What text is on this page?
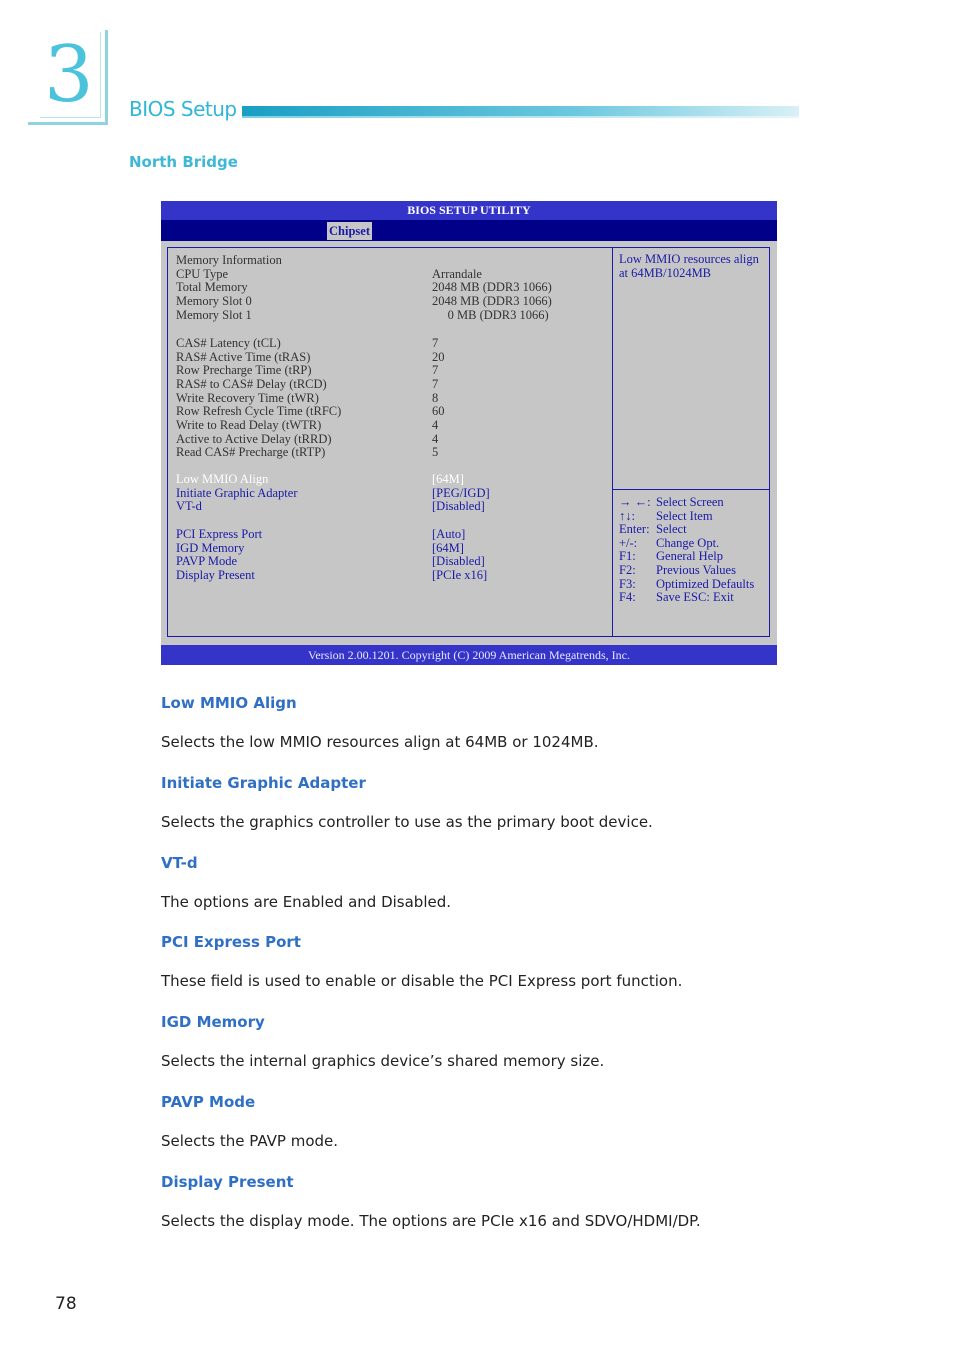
3 BIOS Setup
North Bridge
BIOS SETUP UTILITY
Chipset
Memory Information
CPU Type	Arrandale
Total Memory	2048 MB (DDR3 1066)
Memory Slot 0	2048 MB (DDR3 1066)
Memory Slot 1	0 MB (DDR3 1066)
CAS# Latency (tCL)	7
RAS# Active Time (tRAS)	20
Row Precharge Time (tRP)	7
RAS# to CAS# Delay (tRCD)	7
Write Recovery Time (tWR)	8
Row Refresh Cycle Time (tRFC)	60
Write to Read Delay (tWTR)	4
Active to Active Delay (tRRD)	4
Read CAS# Precharge (tRTP)	5
Low MMIO Align	[64M]
Initiate Graphic Adapter	[PEG/IGD]
VT-d	[Disabled]
PCI Express Port	[Auto]
IGD Memory	[64M]
PAVP Mode	[Disabled]
Display Present	[PCIe x16]
Low MMIO resources align at 64MB/1024MB
→ ←: Select Screen
↑↓: Select Item
Enter: Select
+/-: Change Opt.
F1: General Help
F2: Previous Values
F3: Optimized Defaults
F4: Save ESC: Exit
Version 2.00.1201. Copyright (C) 2009 American Megatrends, Inc.
Low MMIO Align
Selects the low MMIO resources align at 64MB or 1024MB.
Initiate Graphic Adapter
Selects the graphics controller to use as the primary boot device.
VT-d
The options are Enabled and Disabled.
PCI Express Port
These field is used to enable or disable the PCI Express port function.
IGD Memory
Selects the internal graphics device’s shared memory size.
PAVP Mode
Selects the PAVP mode.
Display Present
Selects the display mode. The options are PCIe x16 and SDVO/HDMI/DP.
78
